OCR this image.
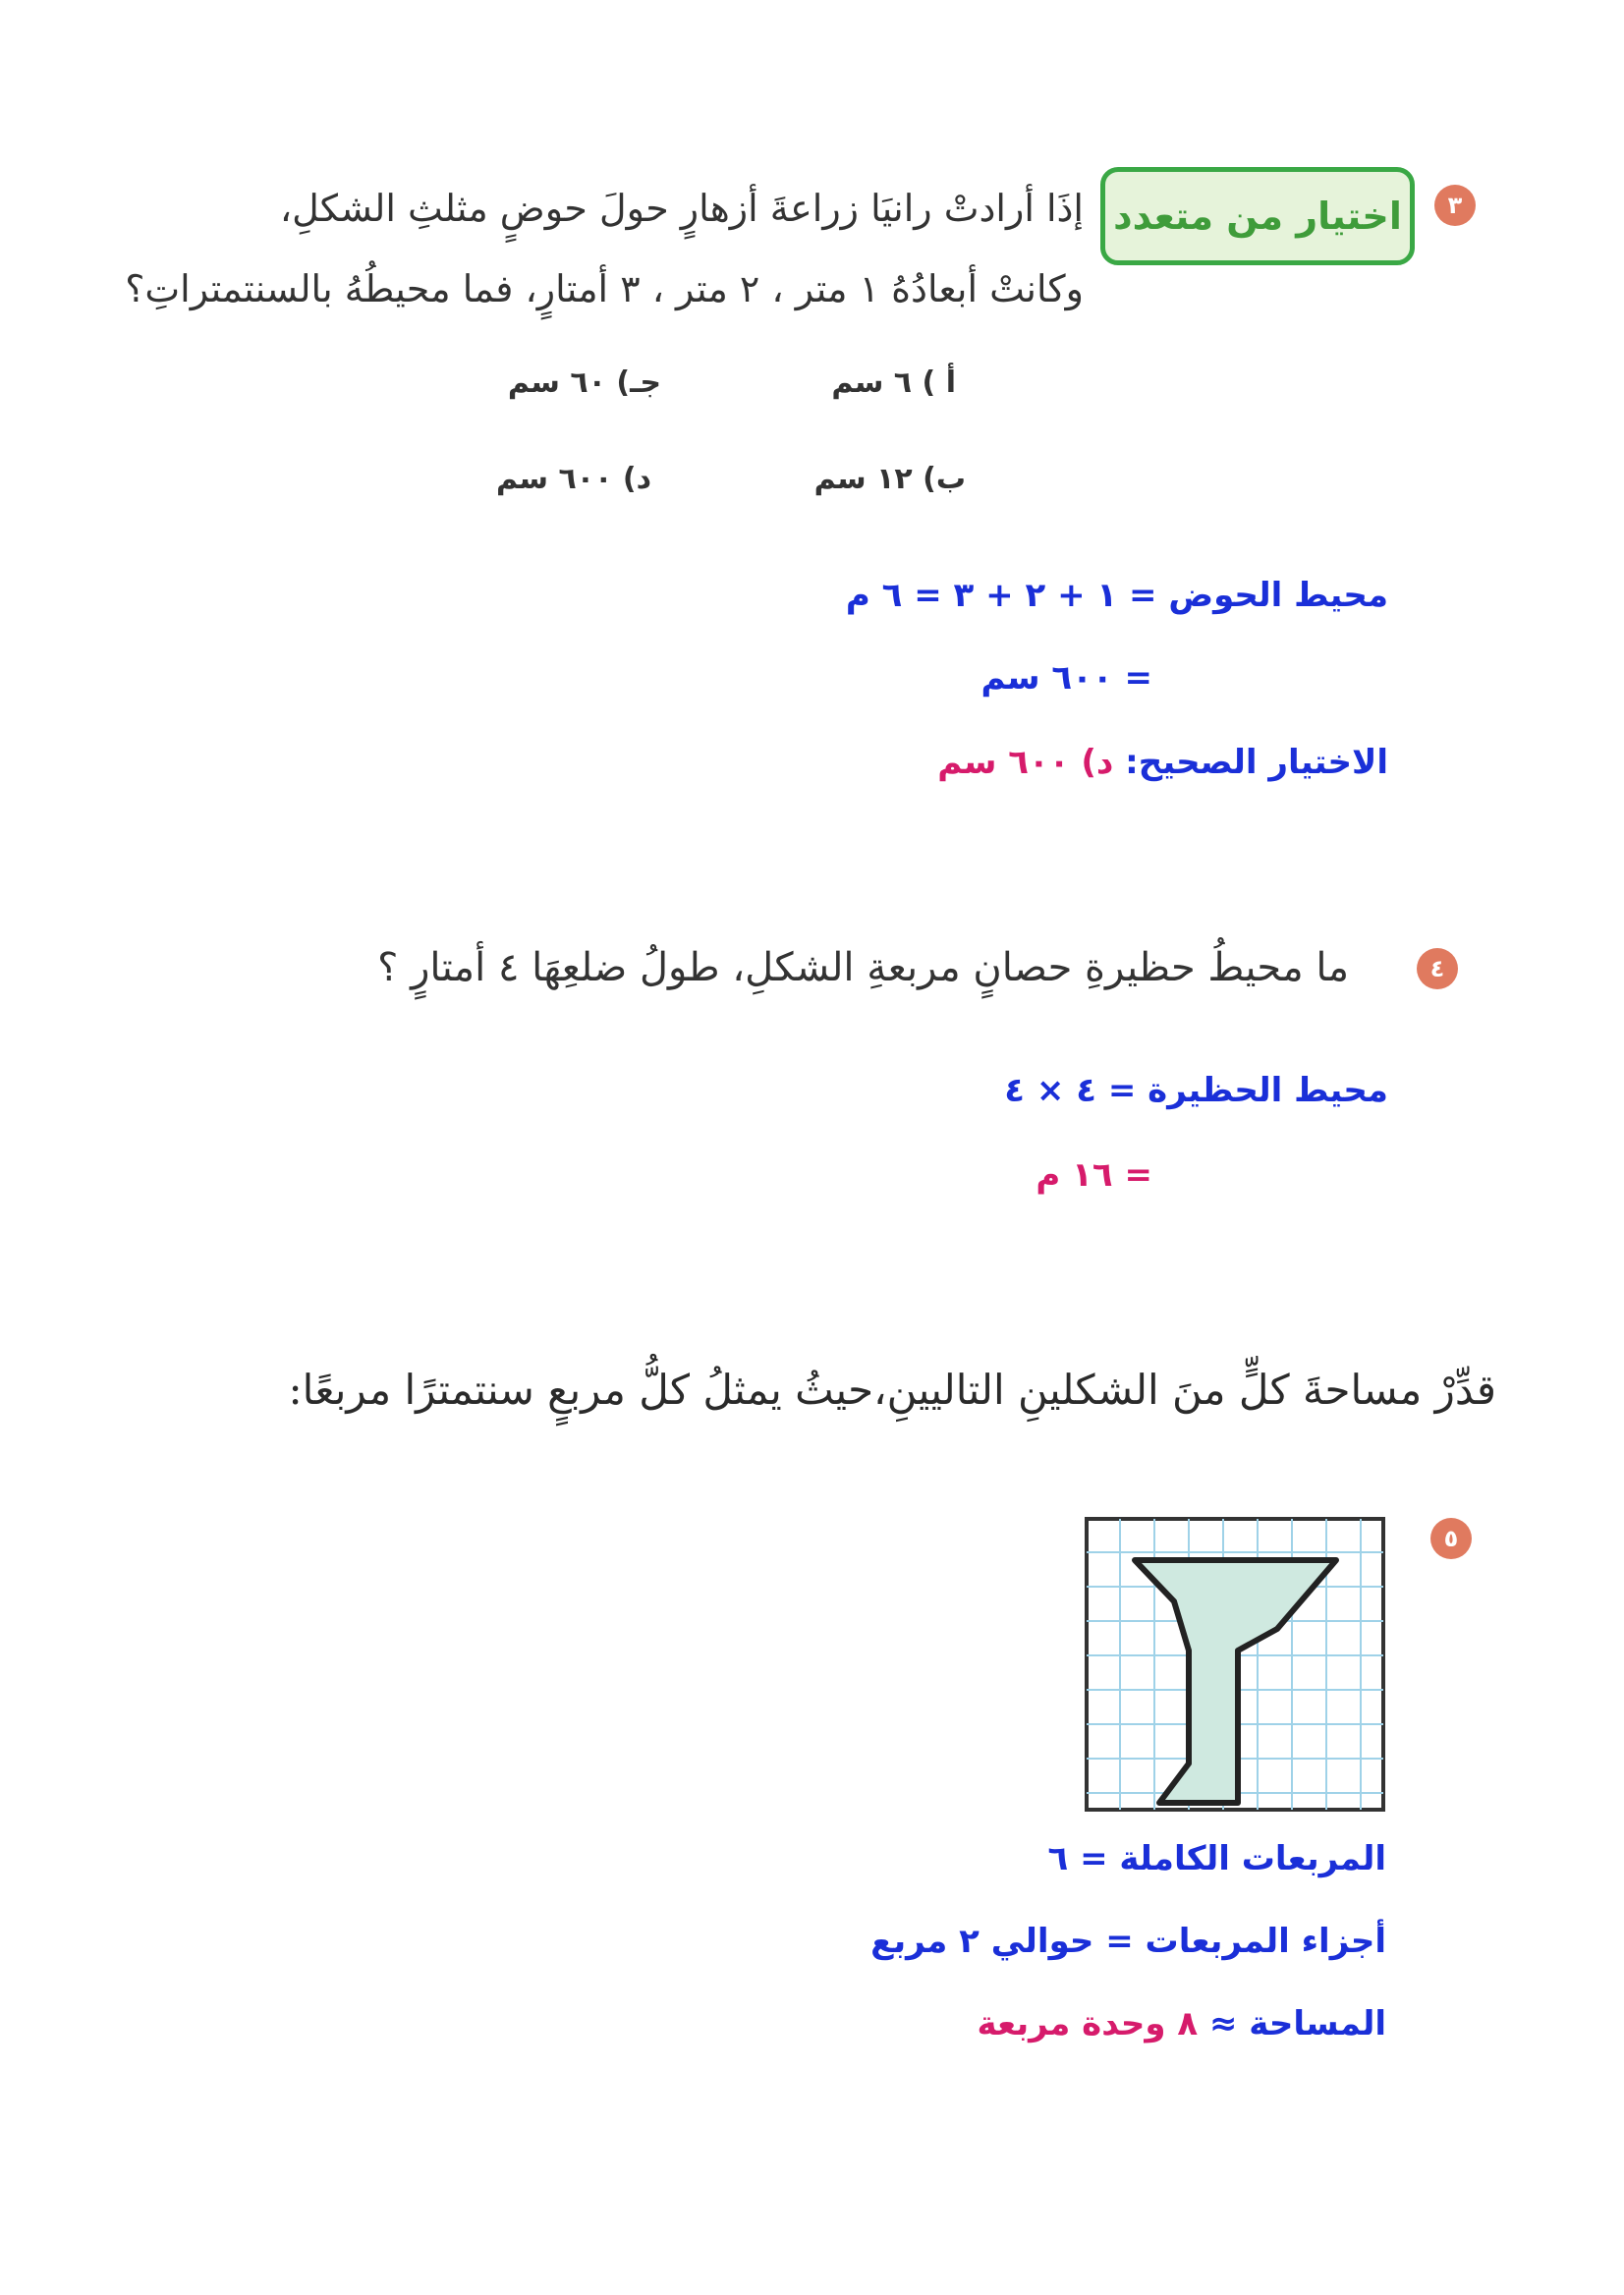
٣
اختيار من متعدد
إذَا أرادتْ رانيَا زراعةَ أزهارٍ حولَ حوضٍ مثلثِ الشكلِ،
وكانتْ أبعادُهُ ١ متر ، ٢ متر ، ٣ أمتارٍ، فما محيطُهُ بالسنتمتراتِ؟
أ ) ٦ سم
جـ) ٦٠ سم
ب) ١٢ سم
د) ٦٠٠ سم
محيط الحوض = ١ + ٢ + ٣ = ٦ م
= ٦٠٠ سم
الاختيار الصحيح: د) ٦٠٠ سم
٤
ما محيطُ حظيرةِ حصانٍ مربعةِ الشكلِ، طولُ ضلعِهَا ٤ أمتارٍ ؟
محيط الحظيرة = ٤ × ٤
= ١٦ م
قدِّرْ مساحةَ كلٍّ منَ الشكلينِ التاليينِ،حيثُ يمثلُ كلُّ مربعٍ سنتمترًا مربعًا:
٥
المربعات الكاملة = ٦
أجزاء المربعات = حوالي ٢ مربع
المساحة ≈ ٨ وحدة مربعة
